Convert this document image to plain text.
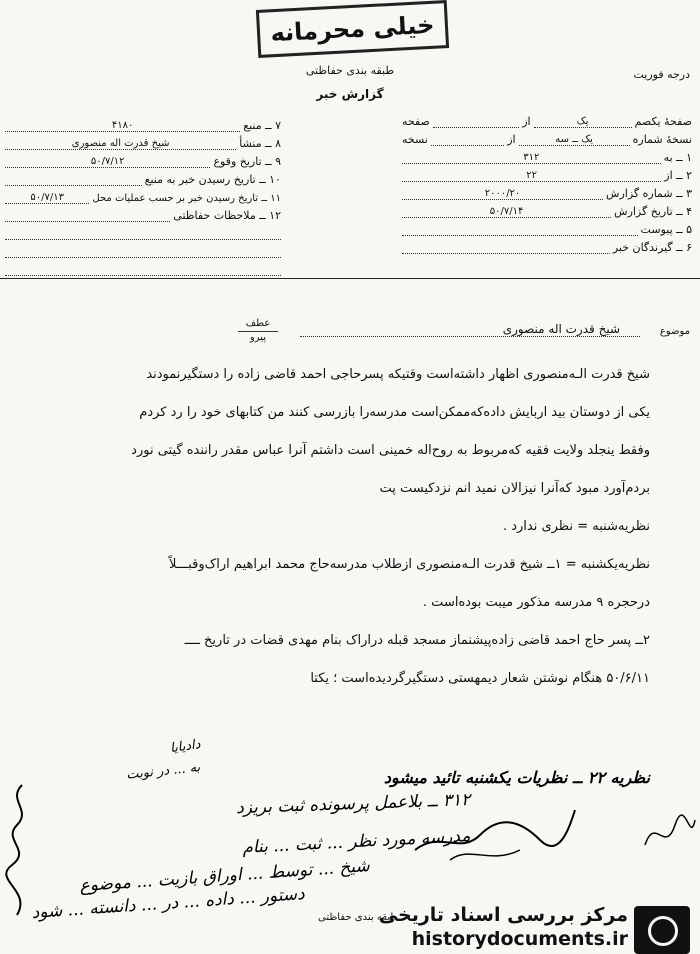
خیلی محرمانه
طبقه بندی حفاظتی	درجه فوریت
گزارش خبر
صفحهٔ یکصم
یک
از
صفحه
نسخهٔ شماره
یک ــ سه
از
نسخه
۱ ــ به
۳۱۲
۲ ــ از
۲۲
۳ ــ شماره گزارش
۲۰۰۰/۲۰
۴ ــ تاریخ گزارش
۵۰/۷/۱۴
۵ ــ پیوست
۶ ــ گیرندگان خبر
۷ ــ منبع
۴۱۸۰
۸ ــ منشأ
شیخ قدرت اله منصوری
۹ ــ تاریخ وقوع
۵۰/۷/۱۲
۱۰ ــ تاریخ رسیدن خبر به منبع
۱۱ ــ تاریخ رسیدن خبر بر حسب عملیات محل
۵۰/۷/۱۳
۱۲ ــ ملاحظات حفاظتی
موضوع
شیخ قدرت اله منصوری
عطف
پیرو

شیخ قدرت الـه‌منصوری اظهار داشته‌است وقتیکه پسرحاجی احمد قاضی زاده را دستگیرنمودند

یکی از دوستان بید اربایش داده‌که‌ممکن‌است مدرسه‌را بازرسی کنند من کتابهای خود را رد کردم

وفقط ینجلد ولایت فقیه که‌مربوط به روح‌اله خمینی است داشتم آنرا عباس مقدر راننده گیتی نورد

بردم‌آورد مبود که‌آنرا نیزالان نمید انم نزدکیست پت

نظریه‌شنبه = نظری ندارد .

نظریه‌یکشنبه = ۱ــ شیخ قدرت الـه‌منصوری ازطلاب مدرسه‌حاج محمد ابراهیم اراک‌وقبـــلاً

درحجره ۹ مدرسه مذکور میبت بوده‌است .

۲ــ پسر حاج احمد قاضی زاده‌پیشنماز مسجد قبله دراراک بنام مهدی قضات در تاریخ ــــ

۵۰/۶/۱۱ هنگام نوشتن شعار دیمهستی دستگیرگردیده‌است ؛ یکتا

دادیایا
به ... در نوبت	نظریه ۲۲ ــ نظریات یکشنبه تائید میشود
۳۱۲ ــ بلاعمل پرسونده ثبت بریزد
مدرسه مورد نظر ... ثبت ... بنام
شیخ ... توسط ... اوراق بازیت ... موضوع
دستور ... داده ... در ... دانسته ... شود طبقه بندی حفاظتی
مرکز بررسی اسناد تاریخی
historydocuments.ir
